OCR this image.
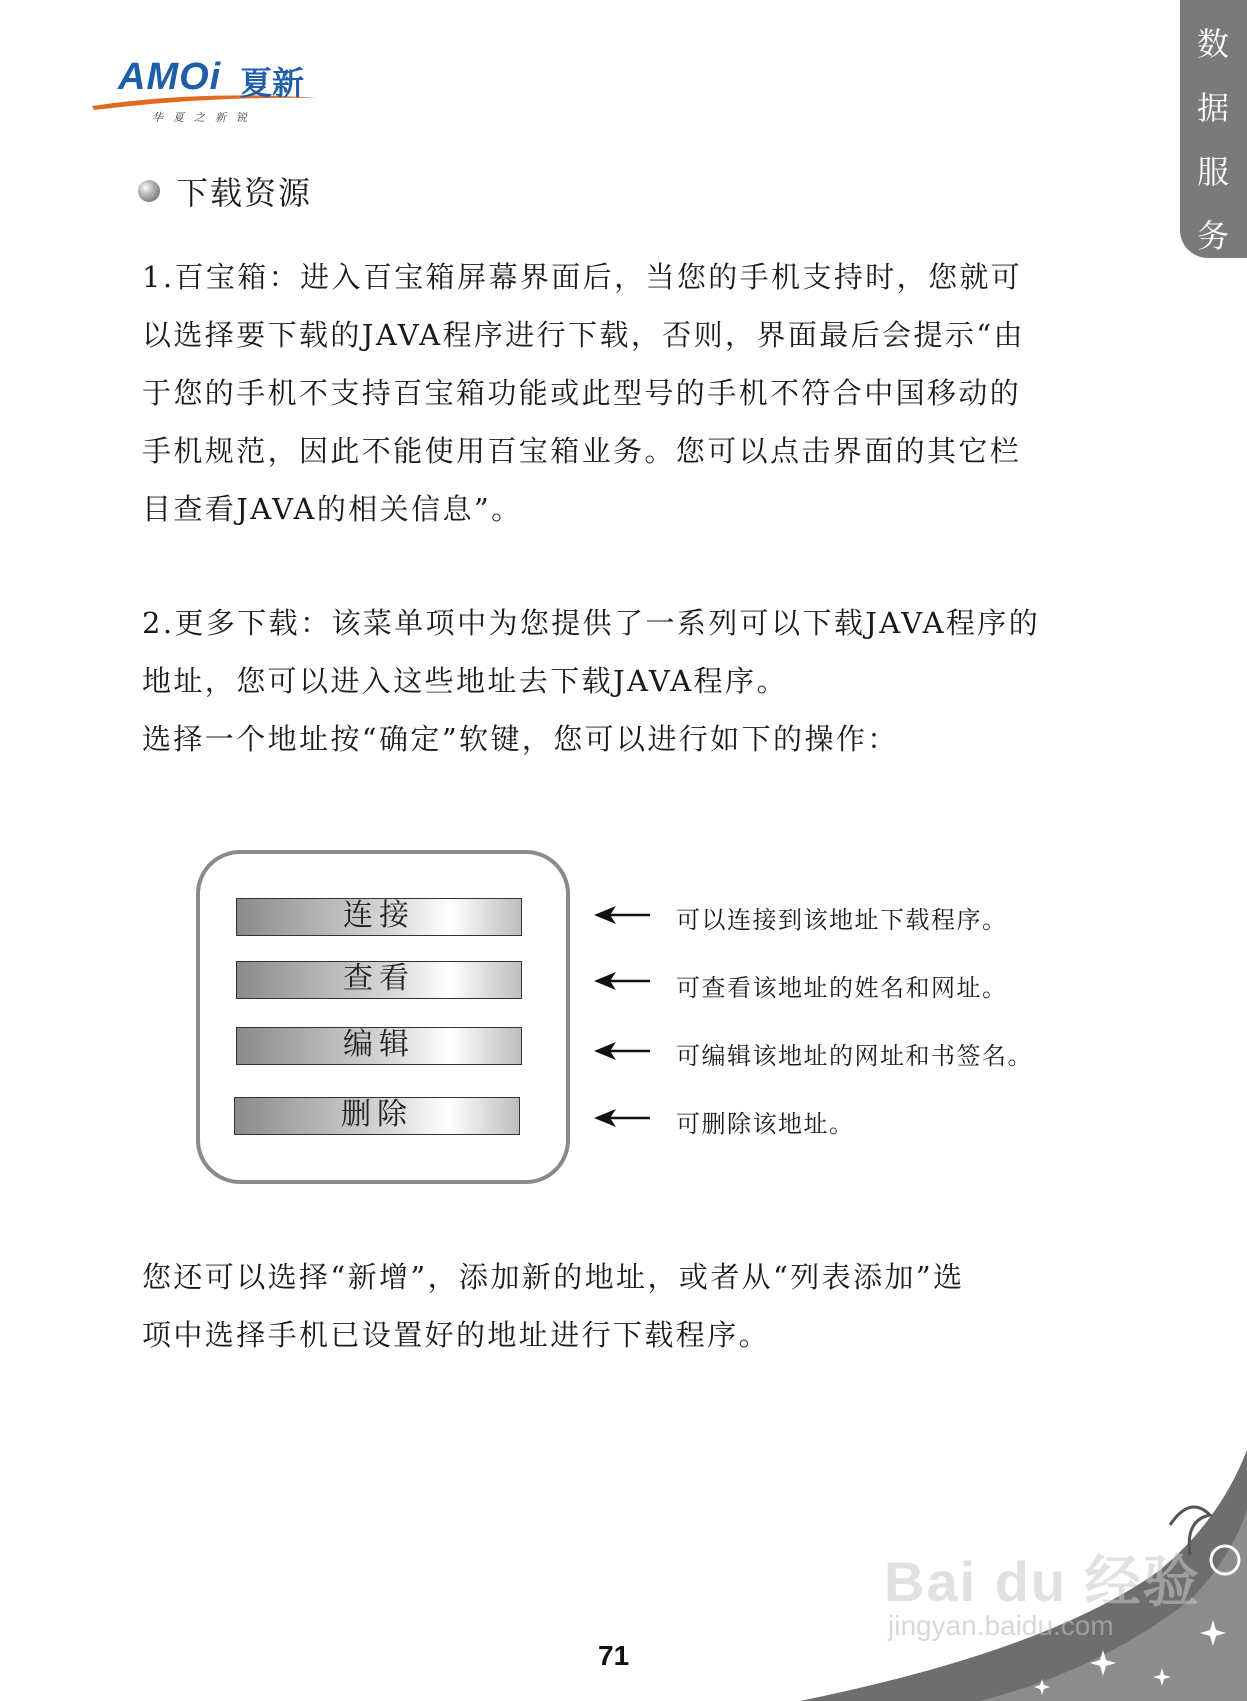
AMOi 夏新
华夏之新锐
数
据
服
务
下载资源
1.百宝箱：进入百宝箱屏幕界面后，当您的手机支持时，您就可
以选择要下载的JAVA程序进行下载，否则，界面最后会提示“由
于您的手机不支持百宝箱功能或此型号的手机不符合中国移动的
手机规范，因此不能使用百宝箱业务。您可以点击界面的其它栏
目查看JAVA的相关信息”。
2.更多下载：该菜单项中为您提供了一系列可以下载JAVA程序的
地址，您可以进入这些地址去下载JAVA程序。
选择一个地址按“确定”软键，您可以进行如下的操作：
连接
查看
编辑
删除
可以连接到该地址下载程序。
可查看该地址的姓名和网址。
可编辑该地址的网址和书签名。
可删除该地址。
您还可以选择“新增”，添加新的地址，或者从“列表添加”选
项中选择手机已设置好的地址进行下载程序。
Bai du 经验
jingyan.baidu.com
71
